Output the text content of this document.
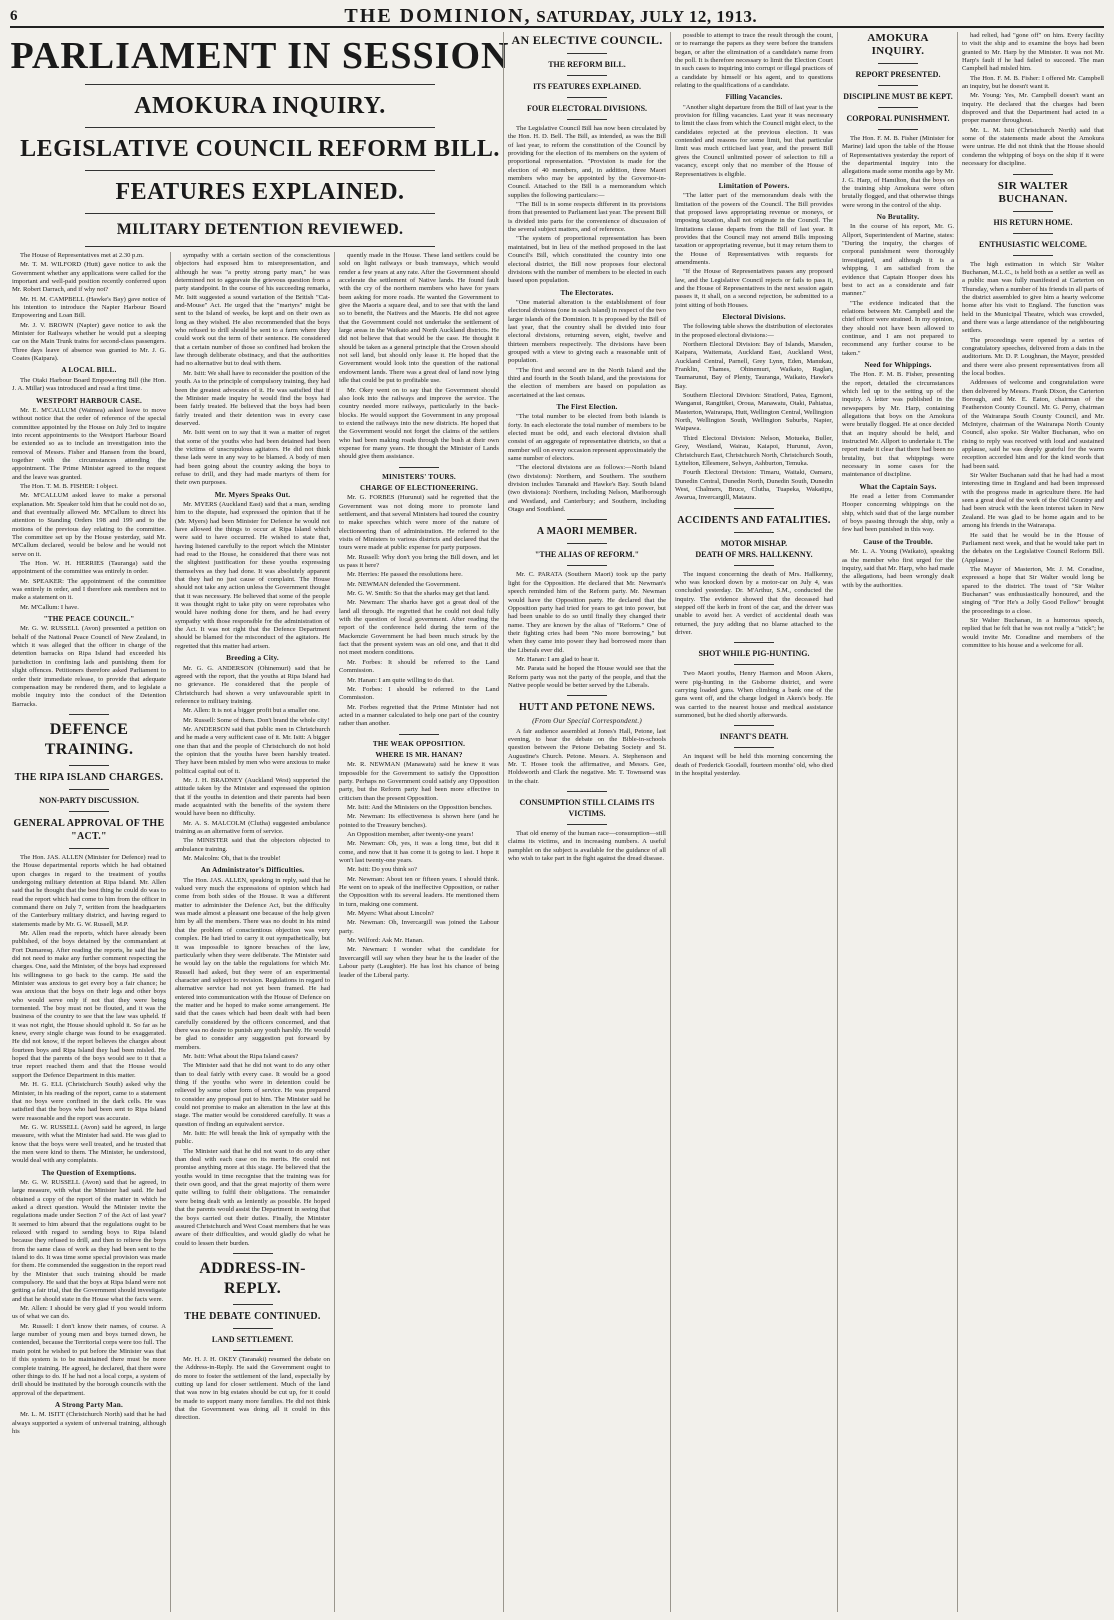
6	THE DOMINION, SATURDAY, JULY 12, 1913.
PARLIAMENT IN SESSION
AMOKURA INQUIRY.
LEGISLATIVE COUNCIL REFORM BILL.
FEATURES EXPLAINED.
MILITARY DETENTION REVIEWED.

The House of Representatives met at 2.30 p.m.

Mr. T. M. WILFORD (Hutt) gave notice to ask the Government whether any applications were called for the important and well-paid position recently conferred upon Mr. Robert Darrach, and if why not?

Mr. H. M. CAMPBELL (Hawke's Bay) gave notice of his intention to introduce the Napier Harbour Board Empowering and Loan Bill.

Mr. J. V. BROWN (Napier) gave notice to ask the Minister for Railways whether he would put a sleeping car on the Main Trunk trains for second-class passengers. Three days leave of absence was granted to Mr. J. G. Coates (Kaipara).

A LOCAL BILL.

The Otaki Harbour Board Empowering Bill (the Hon. J. A. Millar) was introduced and read a first time.

WESTPORT HARBOUR CASE.

Mr. E. M'CALLUM (Waimea) asked leave to move without notice that the order of reference of the special committee appointed by the House on July 3rd to inquire into recent appointments to the Westport Harbour Board be extended so as to include an investigation into the removal of Messrs. Fisher and Hansen from the board, together with the circumstances attending the appointment. The Prime Minister agreed to the request and the leave was granted.

The Hon. T. M. B. FISHER: I object.

Mr. M'CALLUM asked leave to make a personal explanation. Mr. Speaker told him that he could not do so, and that eventually allowed Mr. M'Callum to direct his attention to Standing Orders 198 and 199 and to the motions of the previous day relating to the committee. The committee set up by the House yesterday, said Mr. M'Callum declared, would be below and he would not serve on it.

The Hon. W. H. HERRIES (Tauranga) said the appointment of the committee was entirely in order.

Mr. SPEAKER: The appointment of the committee was entirely in order, and I therefore ask members not to make a statement on it.

Mr. M'Callum: I have.

"THE PEACE COUNCIL."

Mr. G. W. RUSSELL (Avon) presented a petition on behalf of the National Peace Council of New Zealand, in which it was alleged that the officer in charge of the detention barracks on Ripa Island had exceeded his jurisdiction in confining lads and punishing them for slight offences. Petitioners therefore asked Parliament to order their immediate release, to provide that adequate compensation may be rendered them, and to legislate a mobile inquiry into the conduct of the Detention Barracks.

DEFENCE TRAINING.
THE RIPA ISLAND CHARGES.
NON-PARTY DISCUSSION.
GENERAL APPROVAL OF THE "ACT."

The Hon. JAS. ALLEN (Minister for Defence) read to the House departmental reports which he had obtained upon charges in regard to the treatment of youths undergoing military detention at Ripa Island. Mr. Allen said that he thought that the best thing he could do was to read the report which had come to him from the officer in command there on July 7, written from the headquarters of the Canterbury military district, and having regard to statements made by Mr. G. W. Russell, M.P.

Mr. Allen read the reports, which have already been published, of the boys detained by the commandant at Fort Dumaresq. After reading the reports, he said that he did not need to make any further comment respecting the charges. One, said the Minister, of the boys had expressed his willingness to go back to the camp. He said the Minister was anxious to get every boy a fair chance; he was anxious that the boys on their legs and other boys who would serve only if not that they were being tormented. The boy must not be flouted, and it was the business of the country to see that the law was upheld. If it was not right, the House should uphold it. So far as he knew, every single charge was found to be exaggerated. He did not know, if the report believes the charges about fourteen boys and Ripa Island they had been misled. He hoped that the parents of the boys would see to it that a true report reached them and that the House would support the Defence Department in this matter.

Mr. H. G. ELL (Christchurch South) asked why the Minister, in his reading of the report, came to a statement that no boys were confined in the dark cells. He was satisfied that the boys who had been sent to Ripa Island were reasonable and the report was accurate.

Mr. G. W. RUSSELL (Avon) said he agreed, in large measure, with what the Minister had said. He was glad to know that the boys were well treated, and he trusted that the men were kind to them. The Minister, he understood, would deal with any complaints.

The Question of Exemptions.

Mr. G. W. RUSSELL (Avon) said that he agreed, in large measure, with what the Minister had said. He had obtained a copy of the report of the matter in which he asked a direct question. Would the Minister invite the regulations made under Section 7 of the Act of last year? It seemed to him absurd that the regulations ought to be relaxed with regard to sending boys to Ripa Island because they refused to drill, and then to relieve the boys from the same class of work as they had been sent to the island to do. It was time some special provision was made for them. He commended the suggestion in the report read by the Minister that such training should be made compulsory. He said that the boys at Ripa Island were not getting a fair trial, that the Government should investigate and that he should state in the House what the facts were.

Mr. Allen: I should be very glad if you would inform us of what we can do.

Mr. Russell: I don't know their names, of course. A large number of young men and boys turned down, he contended, because the Territorial corps were too full. The main point he wished to put before the Minister was that if this system is to be maintained there must be more complete training. He agreed, he declared, that there were other things to do. If he had not a local corps, a system of drill should be instituted by the borough councils with the approval of the department.

A Strong Party Man.

Mr. L. M. ISITT (Christchurch North) said that he had always supported a system of universal training, although his

sympathy with a certain section of the conscientious objectors had exposed him to misrepresentation, and although he was "a pretty strong party man," he was determined not to aggravate the grievous question from a party standpoint. In the course of his succeeding remarks, Mr. Isitt suggested a sound variation of the British "Cat-and-Mouse" Act. He urged that the "martyrs" might be sent to the Island of weeks, be kept and on their own as long as they wished. He also recommended that the boys who refused to drill should be sent to a farm where they could work out the term of their sentence. He considered that a certain number of those so confined had broken the law through deliberate obstinacy, and that the authorities had no alternative but to deal with them.

Mr. Isitt: We shall have to reconsider the position of the youth. As to the principle of compulsory training, they had been the greatest advocates of it. He was satisfied that if the Minister made inquiry he would find the boys had been fairly treated. He believed that the boys had been fairly treated and their detention was in every case deserved.

Mr. Isitt went on to say that it was a matter of regret that some of the youths who had been detained had been the victims of unscrupulous agitators. He did not think these lads were in any way to be blamed. A body of men had been going about the country asking the boys to refuse to drill, and they had made martyrs of them for their own purposes.

Mr. Myers Speaks Out.

Mr. MYERS (Auckland East) said that a man, sending him to the dispute, had expressed the opinion that if he (Mr. Myers) had been Minister for Defence he would not have allowed the things to occur at Ripa Island which were said to have occurred. He wished to state that, having listened carefully to the report which the Minister had read to the House, he considered that there was not the slightest justification for these youths expressing themselves as they had done. It was absolutely apparent that they had no just cause of complaint. The House should not take any action unless the Government thought that it was necessary. He believed that some of the people it was thought right to take pity on were reprobates who would have nothing done for them, and he had every sympathy with those responsible for the administration of the Act. It was not right that the Defence Department should be blamed for the misconduct of the agitators. He regretted that this matter had arisen.

Breeding a City.

Mr. G. G. ANDERSON (Ohinemuri) said that he agreed with the report, that the youths at Ripa Island had no grievance. He considered that the people of Christchurch had shown a very unfavourable spirit in reference to military training.

Mr. Allen: It is not a bigger profit but a smaller one.

Mr. Russell: Some of them. Don't brand the whole city!

Mr. ANDERSON said that public men in Christchurch and he made a very sufficient case of it. Mr. Isitt: A bigger one than that and the people of Christchurch do not hold the opinion that the youths have been harshly treated. They have been misled by men who were anxious to make political capital out of it.

Mr. J. H. BRADNEY (Auckland West) supported the attitude taken by the Minister and expressed the opinion that if the youths in detention and their parents had been made acquainted with the benefits of the system there would have been no difficulty.

Mr. A. S. MALCOLM (Clutha) suggested ambulance training as an alternative form of service.

The MINISTER said that the objectors objected to ambulance training.

Mr. Malcolm: Oh, that is the trouble!

An Administrator's Difficulties.

The Hon. JAS. ALLEN, speaking in reply, said that he valued very much the expressions of opinion which had come from both sides of the House. It was a different matter to administer the Defence Act, but the difficulty was made almost a pleasant one because of the help given him by all the members. There was no doubt in his mind that the problem of conscientious objection was very complex. He had tried to carry it out sympathetically, but it was impossible to ignore breaches of the law, particularly when they were deliberate. The Minister said he would lay on the table the regulations for which Mr. Russell had asked, but they were of an experimental character and subject to revision. Regulations in regard to alternative service had not yet been framed. He had entered into communication with the House of Defence on the matter and he hoped to make some arrangement. He said that the cases which had been dealt with had been carefully considered by the officers concerned, and that there was no desire to punish any youth harshly. He would be glad to consider any suggestion put forward by members.

Mr. Isitt: What about the Ripa Island cases?

The Minister said that he did not want to do any other than to deal fairly with every case. It would be a good thing if the youths who were in detention could be relieved by some other form of service. He was prepared to consider any proposal put to him. The Minister said he could not promise to make an alteration in the law at this stage. The matter would be considered carefully. It was a question of finding an equivalent service.

Mr. Isitt: He will break the link of sympathy with the public.

The Minister said that he did not want to do any other than deal with each case on its merits. He could not promise anything more at this stage. He believed that the youths would in time recognise that the training was for their own good, and that the great majority of them were quite willing to fulfil their obligations. The remainder were being dealt with as leniently as possible. He hoped that the parents would assist the Department in seeing that the boys carried out their duties. Finally, the Minister assured Christchurch and West Coast members that he was aware of their difficulties, and would gladly do what he could to lessen their burden.

ADDRESS-IN-REPLY.
THE DEBATE CONTINUED.
LAND SETTLEMENT.

Mr. H. J. H. OKEY (Taranaki) resumed the debate on the Address-in-Reply. He said the Government ought to do more to foster the settlement of the land, especially by cutting up land for closer settlement. Much of the land that was now in big estates should be cut up, for it could be made to support many more families. He did not think that the Government was doing all it could in this direction.

quently made in the House. These land settlers could be sold on light railways or bush tramways, which would render a few years at any rate. After the Government should accelerate the settlement of Native lands. He found fault with the cry of the northern members who have for years been asking for more roads. He wanted the Government to give the Maoris a square deal, and to see that with the land so to benefit, the Natives and the Maoris. He did not agree that the Government could not undertake the settlement of large areas in the Waikato and North Auckland districts. He did not believe that that would be the case. He thought it should be taken as a general principle that the Crown should not sell land, but should only lease it. He hoped that the Government would look into the question of the national endowment lands. There was a great deal of land now lying idle that could be put to profitable use.

Mr. Okey went on to say that the Government should also look into the railways and improve the service. The country needed more railways, particularly in the back-blocks. He would support the Government in any proposal to extend the railways into the new districts. He hoped that the Government would not forget the claims of the settlers who had been making roads through the bush at their own expense for many years. He thought the Minister of Lands should give them assistance.

MINISTERS' TOURS.
CHARGE OF ELECTIONEERING.

Mr. G. FORBES (Hurunui) said he regretted that the Government was not doing more to promote land settlement, and that several Ministers had toured the country to make speeches which were more of the nature of electioneering than of administration. He referred to the visits of Ministers to various districts and declared that the tours were made at public expense for party purposes.

Mr. Russell: Why don't you bring the Bill down, and let us pass it here?

Mr. Herries: He passed the resolutions here.

Mr. NEWMAN defended the Government.

Mr. G. W. Smith: So that the sharks may get that land.

Mr. Newman: The sharks have got a great deal of the land all through. He regretted that he could not deal fully with the question of local government. After reading the report of the conference held during the term of the Mackenzie Government he had been much struck by the fact that the present system was an old one, and that it did not meet modern conditions.

Mr. Forbes: It should be referred to the Land Commission.

Mr. Hanan: I am quite willing to do that.

Mr. Forbes: I should be referred to the Land Commission.

Mr. Forbes regretted that the Prime Minister had not acted in a manner calculated to help one part of the country rather than another.

THE WEAK OPPOSITION.
WHERE IS MR. HANAN?

Mr. R. NEWMAN (Manawatu) said he knew it was impossible for the Government to satisfy the Opposition party. Perhaps no Government could satisfy any Opposition party, but the Reform party had been more effective in criticism than the present Opposition.

Mr. Isitt: And the Ministers on the Opposition benches.

Mr. Newman: Its effectiveness is shown here (and he pointed to the Treasury benches).

An Opposition member, after twenty-one years!

Mr. Newman: Oh, yes, it was a long time, but did it come, and now that it has come it is going to last. I hope it won't last twenty-one years.

Mr. Isitt: Do you think so?

Mr. Newman: About ten or fifteen years. I should think. He went on to speak of the ineffective Opposition, or rather the Opposition with its several leaders. He mentioned them in turn, making one comment.

Mr. Myers: What about Lincoln?

Mr. Newman: Oh, Invercargill was joined the Labour party.

Mr. Wilford: Ask Mr. Hanan.

Mr. Newman: I wonder what the candidate for Invercargill will say when they hear he is the leader of the Labour party (Laughter). He has lost his chance of being leader of the Liberal party.

AN ELECTIVE COUNCIL.
THE REFORM BILL.
ITS FEATURES EXPLAINED.
FOUR ELECTORAL DIVISIONS.

The Legislative Council Bill has now been circulated by the Hon. H. D. Bell. The Bill, as intended, as was the Bill of last year, to reform the constitution of the Council by providing for the election of its members on the system of proportional representation. "Provision is made for the election of 40 members, and, in addition, three Maori members who may be appointed by the Governor-in-Council. Attached to the Bill is a memorandum which supplies the following particulars:—

"The Bill is in some respects different in its provisions from that presented to Parliament last year. The present Bill is divided into parts for the convenience of discussion of the several subject matters, and of reference.

"The system of proportional representation has been maintained, but in lieu of the method proposed in the last Council's Bill, which constituted the country into one electoral district, the Bill now proposes four electoral divisions with the number of members to be elected in each based upon population.

The Electorates.

"One material alteration is the establishment of four electoral divisions (one in each island) in respect of the two larger islands of the Dominion. It is proposed by the Bill of last year, that the country shall be divided into four electoral divisions, returning seven, eight, twelve and thirteen members respectively. The divisions have been grouped with a view to giving each a reasonable unit of population.

"The first and second are in the North Island and the third and fourth in the South Island, and the provisions for the election of members are based on population as ascertained at the last census.

The First Election.

"The total number to be elected from both islands is forty. In each electorate the total number of members to be elected must be odd, and each electoral division shall consist of an aggregate of representative districts, so that a member will on every occasion represent approximately the same number of electors.

"The electoral divisions are as follows:—North Island (two divisions): Northern, and Southern. The southern division includes Taranaki and Hawke's Bay. South Island (two divisions): Northern, including Nelson, Marlborough and Westland, and Canterbury; and Southern, including Otago and Southland.

A MAORI MEMBER.
"THE ALIAS OF REFORM."

Mr. C. PARATA (Southern Maori) took up the party light for the Opposition. He declared that Mr. Newman's speech reminded him of the Reform party. Mr. Newman would have the Opposition party. He declared that the Opposition party had tried for years to get into power, but had been unable to do so until finally they changed their name. They are known by the alias of "Reform." One of their fighting cries had been "No more borrowing," but when they came into power they had borrowed more than the Liberals ever did.

Mr. Hanan: I am glad to hear it.

Mr. Parata said he hoped the House would see that the Reform party was not the party of the people, and that the Native people would be better served by the Liberals.

HUTT AND PETONE NEWS.
(From Our Special Correspondent.)

A fair audience assembled at Jones's Hall, Petone, last evening, to hear the debate on the Bible-in-schools question between the Petone Debating Society and St. Augustine's Church. Petone. Messrs. A. Stephenson and Mr. T. Hosee took the affirmative, and Messrs. Gee, Holdsworth and Clark the negative. Mr. T. Townsend was in the chair.

CONSUMPTION STILL CLAIMS ITS VICTIMS.

That old enemy of the human race—consumption—still claims its victims, and in increasing numbers. A useful pamphlet on the subject is available for the guidance of all who wish to take part in the fight against the dread disease.

possible to attempt to trace the result through the count, or to rearrange the papers as they were before the transfers began, or after the elimination of a candidate's name from the poll. It is therefore necessary to limit the Election Court in such cases to inquiring into corrupt or illegal practices of a candidate by himself or his agent, and to questions relating to the qualifications of a candidate.

Filling Vacancies.

"Another slight departure from the Bill of last year is the provision for filling vacancies. Last year it was necessary to limit the class from which the Council might elect, to the candidates rejected at the previous election. It was contended and reasons for some limit, but that particular limit was much criticised last year, and the present Bill gives the Council unlimited power of selection to fill a vacancy, except only that no member of the House of Representatives is eligible.

Limitation of Powers.

"The latter part of the memorandum deals with the limitation of the powers of the Council. The Bill provides that proposed laws appropriating revenue or moneys, or imposing taxation, shall not originate in the Council. The limitations clause departs from the Bill of last year. It provides that the Council may not amend Bills imposing taxation or appropriating revenue, but it may return them to the House of Representatives with requests for amendments.

"If the House of Representatives passes any proposed law, and the Legislative Council rejects or fails to pass it, and the House of Representatives in the next session again passes it, it shall, on a second rejection, be submitted to a joint sitting of both Houses.

Electoral Divisions.

The following table shows the distribution of electorates in the proposed electoral divisions:—

Northern Electoral Division: Bay of Islands, Marsden, Kaipara, Waitemata, Auckland East, Auckland West, Auckland Central, Parnell, Grey Lynn, Eden, Manukau, Franklin, Thames, Ohinemuri, Waikato, Raglan, Taumarunui, Bay of Plenty, Tauranga, Waikato, Hawke's Bay.

Southern Electoral Division: Stratford, Patea, Egmont, Wanganui, Rangitikei, Oroua, Manawatu, Otaki, Pahiatua, Masterton, Wairarapa, Hutt, Wellington Central, Wellington North, Wellington South, Wellington Suburbs, Napier, Waipawa.

Third Electoral Division: Nelson, Motueka, Buller, Grey, Westland, Wairau, Kaiapoi, Hurunui, Avon, Christchurch East, Christchurch North, Christchurch South, Lyttelton, Ellesmere, Selwyn, Ashburton, Temuka.

Fourth Electoral Division: Timaru, Waitaki, Oamaru, Dunedin Central, Dunedin North, Dunedin South, Dunedin West, Chalmers, Bruce, Clutha, Tuapeka, Wakatipu, Awarua, Invercargill, Mataura.

ACCIDENTS AND FATALITIES.
MOTOR MISHAP.
DEATH OF MRS. HALLKENNY.

The inquest concerning the death of Mrs. Hallkenny, who was knocked down by a motor-car on July 4, was concluded yesterday. Dr. M'Arthur, S.M., conducted the inquiry. The evidence showed that the deceased had stepped off the kerb in front of the car, and the driver was unable to avoid her. A verdict of accidental death was returned, the jury adding that no blame attached to the driver.

SHOT WHILE PIG-HUNTING.

Two Maori youths, Henry Harmon and Moon Akers, were pig-hunting in the Gisborne district, and were carrying loaded guns. When climbing a bank one of the guns went off, and the charge lodged in Akers's body. He was carried to the nearest house and medical assistance summoned, but he died shortly afterwards.

INFANT'S DEATH.

An inquest will be held this morning concerning the death of Frederick Goodall, fourteen months' old, who died in the hospital yesterday.

AMOKURA INQUIRY.
REPORT PRESENTED.
DISCIPLINE MUST BE KEPT.
CORPORAL PUNISHMENT.

The Hon. F. M. B. Fisher (Minister for Marine) laid upon the table of the House of Representatives yesterday the report of the departmental inquiry into the allegations made some months ago by Mr. J. G. Harp, of Hamilton, that the boys on the training ship Amokura were often brutally flogged, and that otherwise things were wrong in the control of the ship.

No Brutality.

In the course of his report, Mr. G. Allport, Superintendent of Marine, states: "During the inquiry, the charges of corporal punishment were thoroughly investigated, and although it is a whipping, I am satisfied from the evidence that Captain Hooper does his best to act as a considerate and fair manner."

"The evidence indicated that the relations between Mr. Campbell and the chief officer were strained. In my opinion, they should not have been allowed to continue, and I am not prepared to recommend any further course to be taken."

Need for Whippings.

The Hon. F. M. B. Fisher, presenting the report, detailed the circumstances which led up to the setting up of the inquiry. A letter was published in the newspapers by Mr. Harp, containing allegations that boys on the Amokura were brutally flogged. He at once decided that an inquiry should be held, and instructed Mr. Allport to undertake it. The report made it clear that there had been no brutality, but that whippings were necessary in some cases for the maintenance of discipline.

What the Captain Says.

He read a letter from Commander Hooper concerning whippings on the ship, which said that of the large number of boys passing through the ship, only a few had been punished in this way.

Cause of the Trouble.

Mr. L. A. Young (Waikato), speaking as the member who first urged for the inquiry, said that Mr. Harp, who had made the allegations, had been wrongly dealt with by the authorities.

had relied, had "gone off" on him. Every facility to visit the ship and to examine the boys had been granted to Mr. Harp by the Minister. It was not Mr. Harp's fault if he had failed to succeed. The man Campbell had misled him.

The Hon. F. M. B. Fisher: I offered Mr. Campbell an inquiry, but he doesn't want it.

Mr. Young: Yes, Mr. Campbell doesn't want an inquiry. He declared that the charges had been disproved and that the Department had acted in a proper manner throughout.

Mr. L. M. Isitt (Christchurch North) said that some of the statements made about the Amokura were untrue. He did not think that the House should condemn the whipping of boys on the ship if it were necessary for discipline.

SIR WALTER BUCHANAN.
HIS RETURN HOME.
ENTHUSIASTIC WELCOME.

The high estimation in which Sir Walter Buchanan, M.L.C., is held both as a settler as well as a public man was fully manifested at Carterton on Thursday, when a number of his friends in all parts of the district assembled to give him a hearty welcome home after his visit to England. The function was held in the Municipal Theatre, which was crowded, and there was a large attendance of the neighbouring settlers.

The proceedings were opened by a series of congratulatory speeches, delivered from a dais in the auditorium. Mr. D. P. Loughnan, the Mayor, presided and there were also present representatives from all the local bodies.

Addresses of welcome and congratulation were then delivered by Messrs. Frank Dixon, the Carterton Borough, and Mr. E. Eaton, chairman of the Featherston County Council. Mr. G. Perry, chairman of the Wairarapa South County Council, and Mr. McIntyre, chairman of the Wairarapa North County Council, also spoke. Sir Walter Buchanan, who on rising to reply was received with loud and sustained applause, said he was deeply grateful for the warm reception accorded him and for the kind words that had been said.

Sir Walter Buchanan said that he had had a most interesting time in England and had been impressed with the progress made in agriculture there. He had seen a great deal of the work of the Old Country and had been struck with the keen interest taken in New Zealand. He was glad to be home again and to be among his friends in the Wairarapa.

He said that he would be in the House of Parliament next week, and that he would take part in the debates on the Legislative Council Reform Bill. (Applause.)

The Mayor of Masterton, Mr. J. M. Coradine, expressed a hope that Sir Walter would long be spared to the district. The toast of "Sir Walter Buchanan" was enthusiastically honoured, and the singing of "For He's a Jolly Good Fellow" brought the proceedings to a close.

Sir Walter Buchanan, in a humorous speech, replied that he felt that he was not really a "stick"; he would invite Mr. Coradine and members of the committee to his house and a welcome for all.
